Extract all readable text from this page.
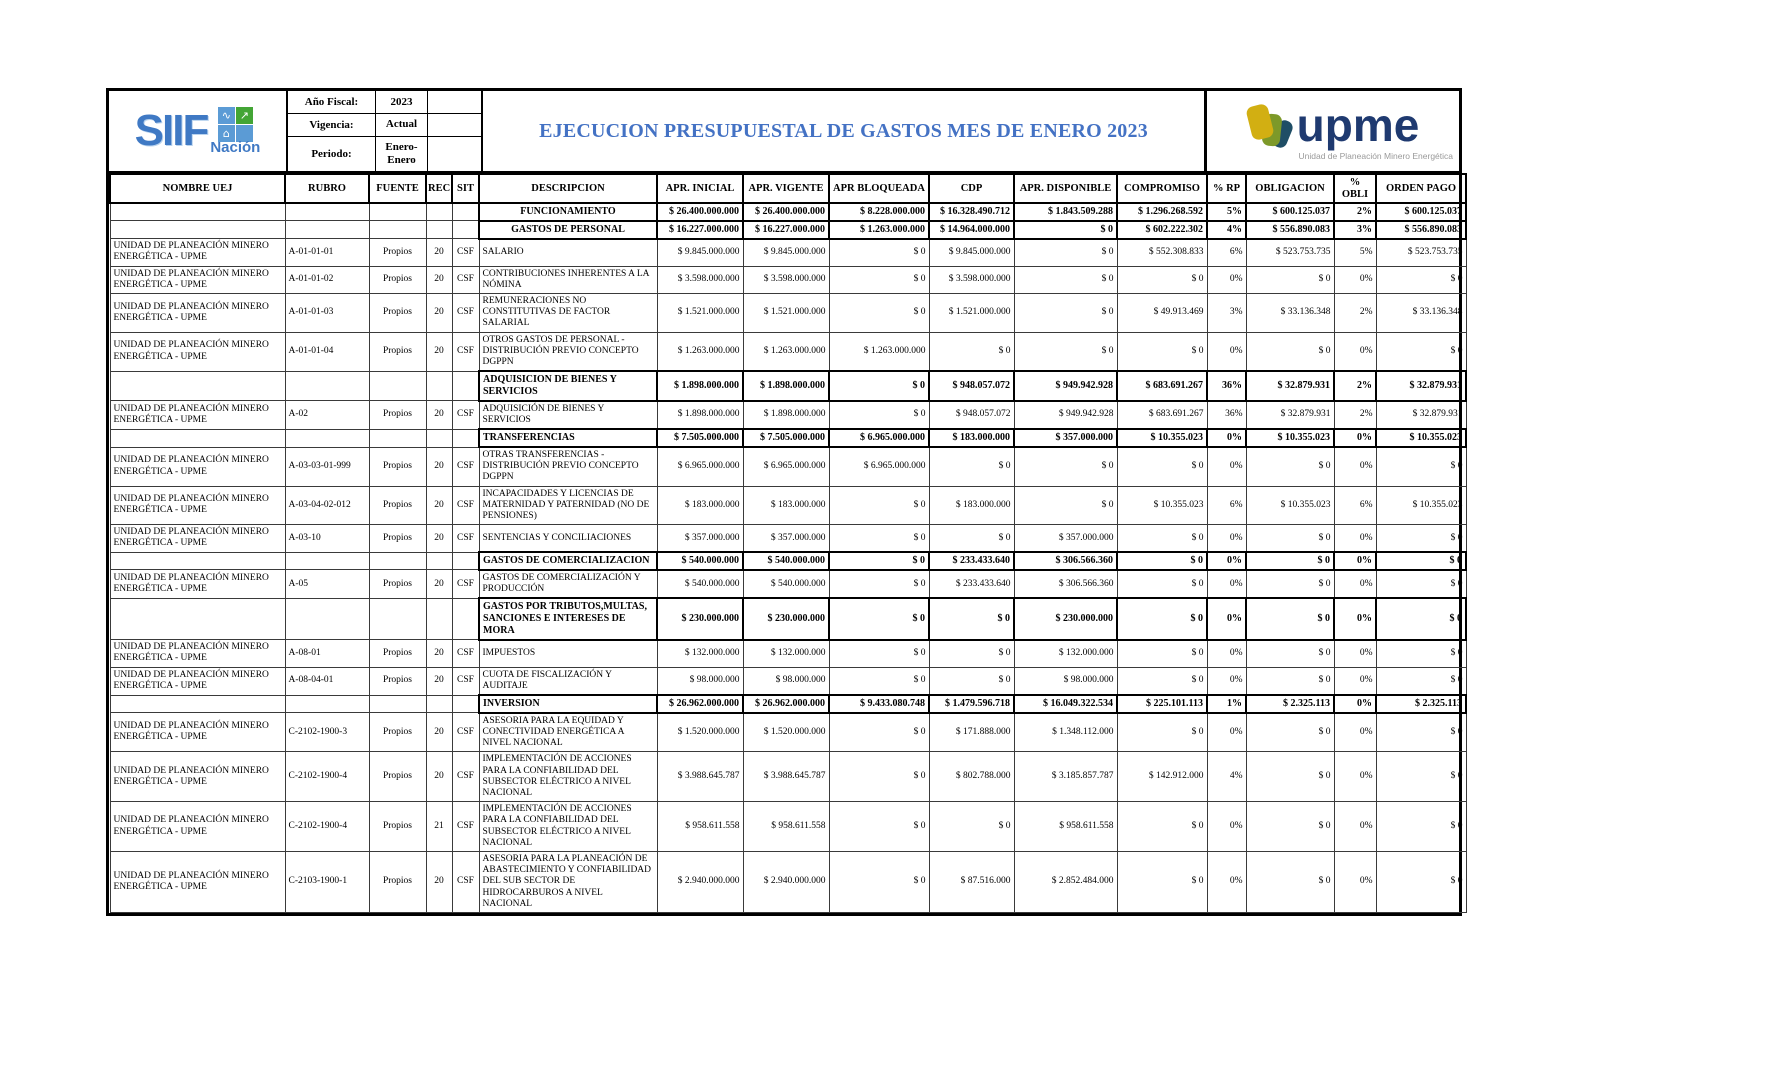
SIIF	∿ ↗
⌂
Nación
Año Fiscal:	2023
Vigencia:	Actual
Periodo:
Enero-Enero
EJECUCION PRESUPUESTAL DE GASTOS MES DE ENERO 2023	upme
Unidad de Planeación Minero Energética
NOMBRE UEJ	RUBRO	FUENTE	REC	SIT	DESCRIPCION	APR. INICIAL	APR. VIGENTE	APR BLOQUEADA	CDP	APR. DISPONIBLE	COMPROMISO	% RP	OBLIGACION	% OBLI	ORDEN PAGO
					FUNCIONAMIENTO	$ 26.400.000.000	$ 26.400.000.000	$ 8.228.000.000	$ 16.328.490.712	$ 1.843.509.288	$ 1.296.268.592	5%	$ 600.125.037	2%	$ 600.125.037
					GASTOS DE PERSONAL	$ 16.227.000.000	$ 16.227.000.000	$ 1.263.000.000	$ 14.964.000.000	$ 0	$ 602.222.302	4%	$ 556.890.083	3%	$ 556.890.083
UNIDAD DE PLANEACIÓN MINERO ENERGÉTICA - UPME	A-01-01-01	Propios	20	CSF	SALARIO	$ 9.845.000.000	$ 9.845.000.000	$ 0	$ 9.845.000.000	$ 0	$ 552.308.833	6%	$ 523.753.735	5%	$ 523.753.735
UNIDAD DE PLANEACIÓN MINERO ENERGÉTICA - UPME	A-01-01-02	Propios	20	CSF	CONTRIBUCIONES INHERENTES A LA NÓMINA	$ 3.598.000.000	$ 3.598.000.000	$ 0	$ 3.598.000.000	$ 0	$ 0	0%	$ 0	0%	$ 0
UNIDAD DE PLANEACIÓN MINERO ENERGÉTICA - UPME	A-01-01-03	Propios	20	CSF	REMUNERACIONES NO CONSTITUTIVAS DE FACTOR SALARIAL	$ 1.521.000.000	$ 1.521.000.000	$ 0	$ 1.521.000.000	$ 0	$ 49.913.469	3%	$ 33.136.348	2%	$ 33.136.348
UNIDAD DE PLANEACIÓN MINERO ENERGÉTICA - UPME	A-01-01-04	Propios	20	CSF	OTROS GASTOS DE PERSONAL - DISTRIBUCIÓN PREVIO CONCEPTO DGPPN	$ 1.263.000.000	$ 1.263.000.000	$ 1.263.000.000	$ 0	$ 0	$ 0	0%	$ 0	0%	$ 0
					ADQUISICION DE BIENES Y SERVICIOS	$ 1.898.000.000	$ 1.898.000.000	$ 0	$ 948.057.072	$ 949.942.928	$ 683.691.267	36%	$ 32.879.931	2%	$ 32.879.931
UNIDAD DE PLANEACIÓN MINERO ENERGÉTICA - UPME	A-02	Propios	20	CSF	ADQUISICIÓN DE BIENES Y SERVICIOS	$ 1.898.000.000	$ 1.898.000.000	$ 0	$ 948.057.072	$ 949.942.928	$ 683.691.267	36%	$ 32.879.931	2%	$ 32.879.931
					TRANSFERENCIAS	$ 7.505.000.000	$ 7.505.000.000	$ 6.965.000.000	$ 183.000.000	$ 357.000.000	$ 10.355.023	0%	$ 10.355.023	0%	$ 10.355.023
UNIDAD DE PLANEACIÓN MINERO ENERGÉTICA - UPME	A-03-03-01-999	Propios	20	CSF	OTRAS TRANSFERENCIAS - DISTRIBUCIÓN PREVIO CONCEPTO DGPPN	$ 6.965.000.000	$ 6.965.000.000	$ 6.965.000.000	$ 0	$ 0	$ 0	0%	$ 0	0%	$ 0
UNIDAD DE PLANEACIÓN MINERO ENERGÉTICA - UPME	A-03-04-02-012	Propios	20	CSF	INCAPACIDADES Y LICENCIAS DE MATERNIDAD Y PATERNIDAD (NO DE PENSIONES)	$ 183.000.000	$ 183.000.000	$ 0	$ 183.000.000	$ 0	$ 10.355.023	6%	$ 10.355.023	6%	$ 10.355.023
UNIDAD DE PLANEACIÓN MINERO ENERGÉTICA - UPME	A-03-10	Propios	20	CSF	SENTENCIAS Y CONCILIACIONES	$ 357.000.000	$ 357.000.000	$ 0	$ 0	$ 357.000.000	$ 0	0%	$ 0	0%	$ 0
					GASTOS DE COMERCIALIZACION	$ 540.000.000	$ 540.000.000	$ 0	$ 233.433.640	$ 306.566.360	$ 0	0%	$ 0	0%	$ 0
UNIDAD DE PLANEACIÓN MINERO ENERGÉTICA - UPME	A-05	Propios	20	CSF	GASTOS DE COMERCIALIZACIÓN Y PRODUCCIÓN	$ 540.000.000	$ 540.000.000	$ 0	$ 233.433.640	$ 306.566.360	$ 0	0%	$ 0	0%	$ 0
					GASTOS POR TRIBUTOS,MULTAS, SANCIONES E INTERESES DE MORA	$ 230.000.000	$ 230.000.000	$ 0	$ 0	$ 230.000.000	$ 0	0%	$ 0	0%	$ 0
UNIDAD DE PLANEACIÓN MINERO ENERGÉTICA - UPME	A-08-01	Propios	20	CSF	IMPUESTOS	$ 132.000.000	$ 132.000.000	$ 0	$ 0	$ 132.000.000	$ 0	0%	$ 0	0%	$ 0
UNIDAD DE PLANEACIÓN MINERO ENERGÉTICA - UPME	A-08-04-01	Propios	20	CSF	CUOTA DE FISCALIZACIÓN Y AUDITAJE	$ 98.000.000	$ 98.000.000	$ 0	$ 0	$ 98.000.000	$ 0	0%	$ 0	0%	$ 0
					INVERSION	$ 26.962.000.000	$ 26.962.000.000	$ 9.433.080.748	$ 1.479.596.718	$ 16.049.322.534	$ 225.101.113	1%	$ 2.325.113	0%	$ 2.325.113
UNIDAD DE PLANEACIÓN MINERO ENERGÉTICA - UPME	C-2102-1900-3	Propios	20	CSF	ASESORIA PARA LA EQUIDAD Y CONECTIVIDAD ENERGÉTICA A NIVEL NACIONAL	$ 1.520.000.000	$ 1.520.000.000	$ 0	$ 171.888.000	$ 1.348.112.000	$ 0	0%	$ 0	0%	$ 0
UNIDAD DE PLANEACIÓN MINERO ENERGÉTICA - UPME	C-2102-1900-4	Propios	20	CSF	IMPLEMENTACIÓN DE ACCIONES PARA LA CONFIABILIDAD DEL SUBSECTOR ELÉCTRICO A NIVEL NACIONAL	$ 3.988.645.787	$ 3.988.645.787	$ 0	$ 802.788.000	$ 3.185.857.787	$ 142.912.000	4%	$ 0	0%	$ 0
UNIDAD DE PLANEACIÓN MINERO ENERGÉTICA - UPME	C-2102-1900-4	Propios	21	CSF	IMPLEMENTACIÓN DE ACCIONES PARA LA CONFIABILIDAD DEL SUBSECTOR ELÉCTRICO A NIVEL NACIONAL	$ 958.611.558	$ 958.611.558	$ 0	$ 0	$ 958.611.558	$ 0	0%	$ 0	0%	$ 0
UNIDAD DE PLANEACIÓN MINERO ENERGÉTICA - UPME	C-2103-1900-1	Propios	20	CSF	ASESORIA PARA LA PLANEACIÓN DE ABASTECIMIENTO Y CONFIABILIDAD DEL SUB SECTOR DE HIDROCARBUROS A NIVEL NACIONAL	$ 2.940.000.000	$ 2.940.000.000	$ 0	$ 87.516.000	$ 2.852.484.000	$ 0	0%	$ 0	0%	$ 0
